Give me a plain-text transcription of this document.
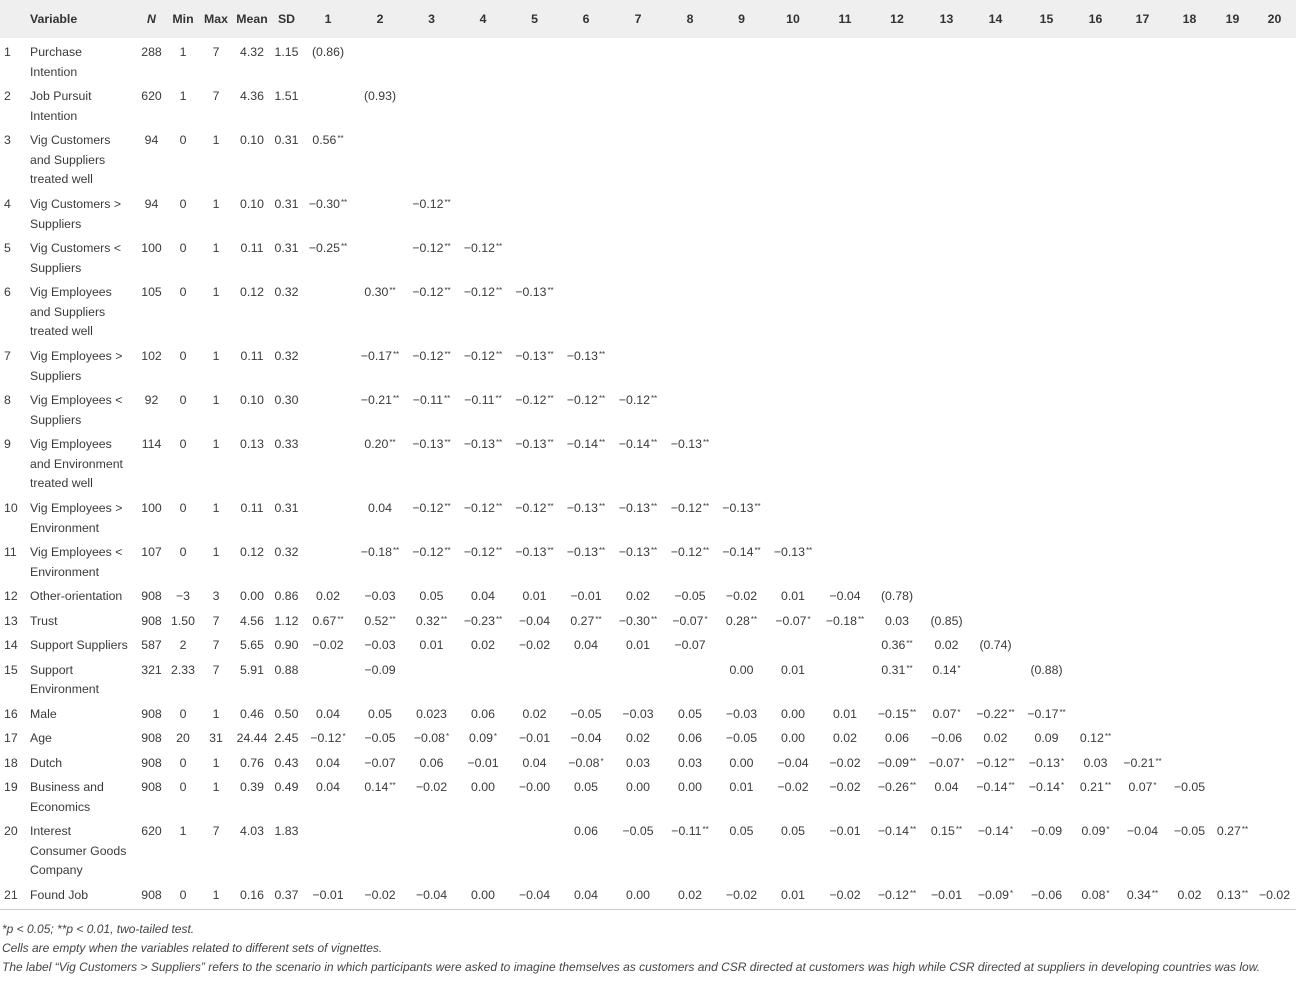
Variable	N	Min	Max	Mean	SD	1	2	3	4	5	6	7	8	9	10	11	12	13	14	15	16	17	18	19	20

1 Purchase Intention	288	1	7	4.32	1.15	(0.86)																			

2 Job Pursuit Intention	620	1	7	4.36	1.51		(0.93)																		

3 Vig Customers and Suppliers treated well	94	0	1	0.10	0.31	0.56**																			

4 Vig Customers > Suppliers	94	0	1	0.10	0.31	−0.30**		−0.12**																	

5 Vig Customers < Suppliers	100	0	1	0.11	0.31	−0.25**		−0.12**	−0.12**																

6 Vig Employees and Suppliers treated well	105	0	1	0.12	0.32		0.30**	−0.12**	−0.12**	−0.13**															

7 Vig Employees > Suppliers	102	0	1	0.11	0.32		−0.17**	−0.12**	−0.12**	−0.13**	−0.13**														

8 Vig Employees < Suppliers	92	0	1	0.10	0.30		−0.21**	−0.11**	−0.11**	−0.12**	−0.12**	−0.12**													

9 Vig Employees and Environment treated well	114	0	1	0.13	0.33		0.20**	−0.13**	−0.13**	−0.13**	−0.14**	−0.14**	−0.13**												

10 Vig Employees > Environment	100	0	1	0.11	0.31		0.04	−0.12**	−0.12**	−0.12**	−0.13**	−0.13**	−0.12**	−0.13**											

11 Vig Employees < Environment	107	0	1	0.12	0.32		−0.18**	−0.12**	−0.12**	−0.13**	−0.13**	−0.13**	−0.12**	−0.14**	−0.13**										

12 Other-orientation	908	−3	3	0.00	0.86	0.02	−0.03	0.05	0.04	0.01	−0.01	0.02	−0.05	−0.02	0.01	−0.04	(0.78)								

13 Trust	908	1.50	7	4.56	1.12	0.67**	0.52**	0.32**	−0.23**	−0.04	0.27**	−0.30**	−0.07*	0.28**	−0.07*	−0.18**	0.03	(0.85)							

14 Support Suppliers	587	2	7	5.65	0.90	−0.02	−0.03	0.01	0.02	−0.02	0.04	0.01	−0.07				0.36**	0.02	(0.74)						

15 Support Environment	321	2.33	7	5.91	0.88		−0.09							0.00	0.01		0.31**	0.14*		(0.88)					

16 Male	908	0	1	0.46	0.50	0.04	0.05	0.023	0.06	0.02	−0.05	−0.03	0.05	−0.03	0.00	0.01	−0.15**	0.07*	−0.22**	−0.17**					

17 Age	908	20	31	24.44	2.45	−0.12*	−0.05	−0.08*	0.09*	−0.01	−0.04	0.02	0.06	−0.05	0.00	0.02	0.06	−0.06	0.02	0.09	0.12**				

18 Dutch	908	0	1	0.76	0.43	0.04	−0.07	0.06	−0.01	0.04	−0.08*	0.03	0.03	0.00	−0.04	−0.02	−0.09**	−0.07*	−0.12**	−0.13*	0.03	−0.21**			

19 Business and Economics	908	0	1	0.39	0.49	0.04	0.14**	−0.02	0.00	−0.00	0.05	0.00	0.00	0.01	−0.02	−0.02	−0.26**	0.04	−0.14**	−0.14*	0.21**	0.07*	−0.05		

20 Interest Consumer Goods Company	620	1	7	4.03	1.83						0.06	−0.05	−0.11**	0.05	0.05	−0.01	−0.14**	0.15**	−0.14*	−0.09	0.09*	−0.04	−0.05	0.27**	

21 Found Job	908	0	1	0.16	0.37	−0.01	−0.02	−0.04	0.00	−0.04	0.04	0.00	0.02	−0.02	0.01	−0.02	−0.12**	−0.01	−0.09*	−0.06	0.08*	0.34**	0.02	0.13**	−0.02

*p < 0.05; **p < 0.01, two-tailed test.

Cells are empty when the variables related to different sets of vignettes.

The label “Vig Customers > Suppliers” refers to the scenario in which participants were asked to imagine themselves as customers and CSR directed at customers was high while CSR directed at suppliers in developing countries was low.
